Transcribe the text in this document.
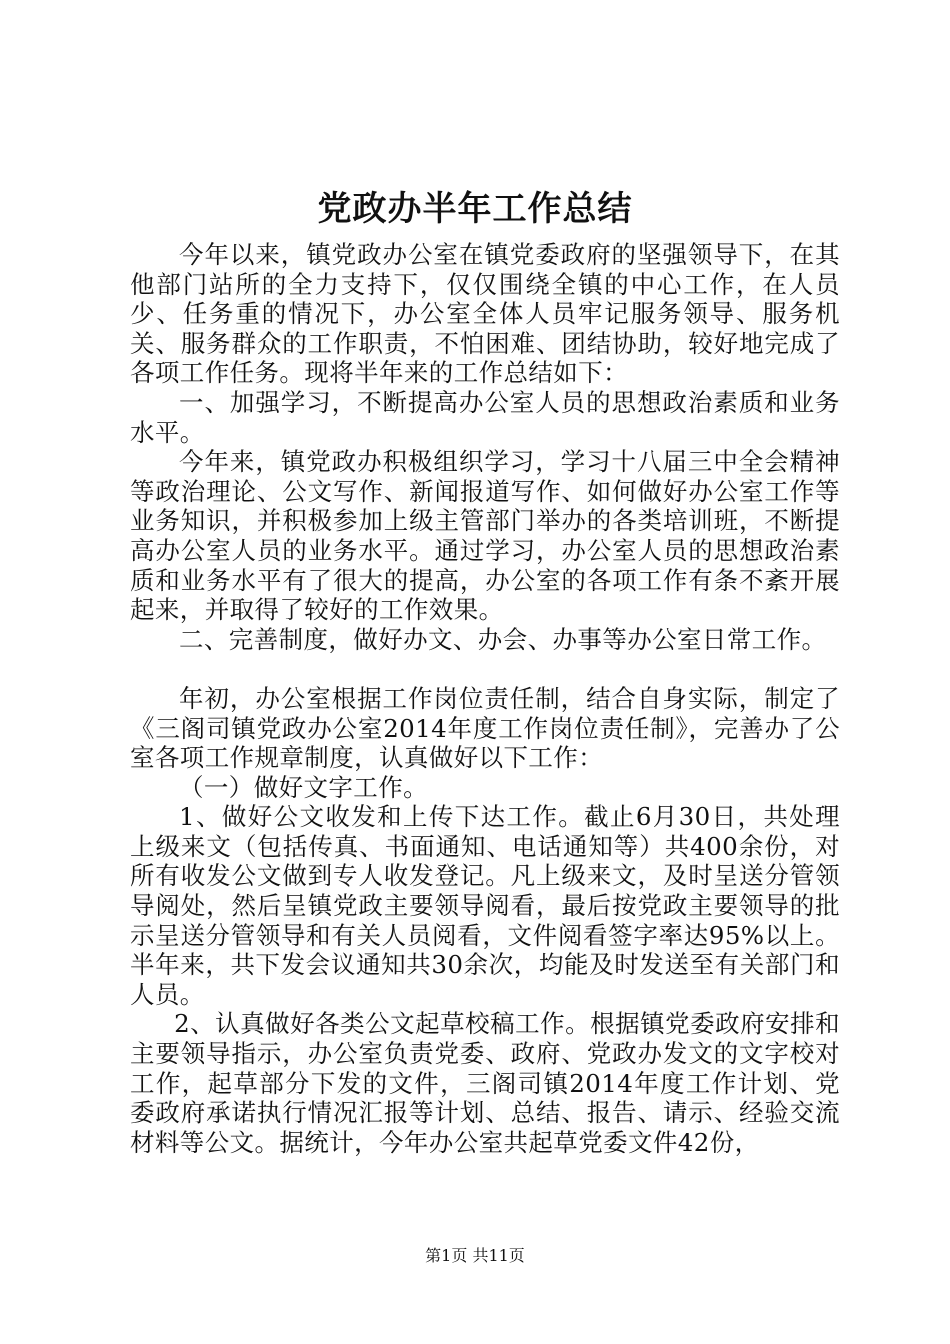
党政办半年工作总结

今年以来，镇党政办公室在镇党委政府的坚强领导下，在其他部门站所的全力支持下，仅仅围绕全镇的中心工作，在人员少、任务重的情况下，办公室全体人员牢记服务领导、服务机关、服务群众的工作职责，不怕困难、团结协助，较好地完成了各项工作任务。现将半年来的工作总结如下：

一、加强学习，不断提高办公室人员的思想政治素质和业务水平。

今年来，镇党政办积极组织学习，学习十八届三中全会精神等政治理论、公文写作、新闻报道写作、如何做好办公室工作等业务知识，并积极参加上级主管部门举办的各类培训班，不断提高办公室人员的业务水平。通过学习，办公室人员的思想政治素质和业务水平有了很大的提高，办公室的各项工作有条不紊开展起来，并取得了较好的工作效果。

二、完善制度，做好办文、办会、办事等办公室日常工作。

年初，办公室根据工作岗位责任制，结合自身实际，制定了《三阁司镇党政办公室2014年度工作岗位责任制》，完善办了公室各项工作规章制度，认真做好以下工作：

（一）做好文字工作。

1、做好公文收发和上传下达工作。截止6月30日，共处理上级来文（包括传真、书面通知、电话通知等）共400余份，对所有收发公文做到专人收发登记。凡上级来文，及时呈送分管领导阅处，然后呈镇党政主要领导阅看，最后按党政主要领导的批示呈送分管领导和有关人员阅看，文件阅看签字率达95%以上。半年来，共下发会议通知共30余次，均能及时发送至有关部门和人员。

2、认真做好各类公文起草校稿工作。根据镇党委政府安排和主要领导指示，办公室负责党委、政府、党政办发文的文字校对工作，起草部分下发的文件，三阁司镇2014年度工作计划、党委政府承诺执行情况汇报等计划、总结、报告、请示、经验交流材料等公文。据统计，今年办公室共起草党委文件42份，

第1页 共11页
